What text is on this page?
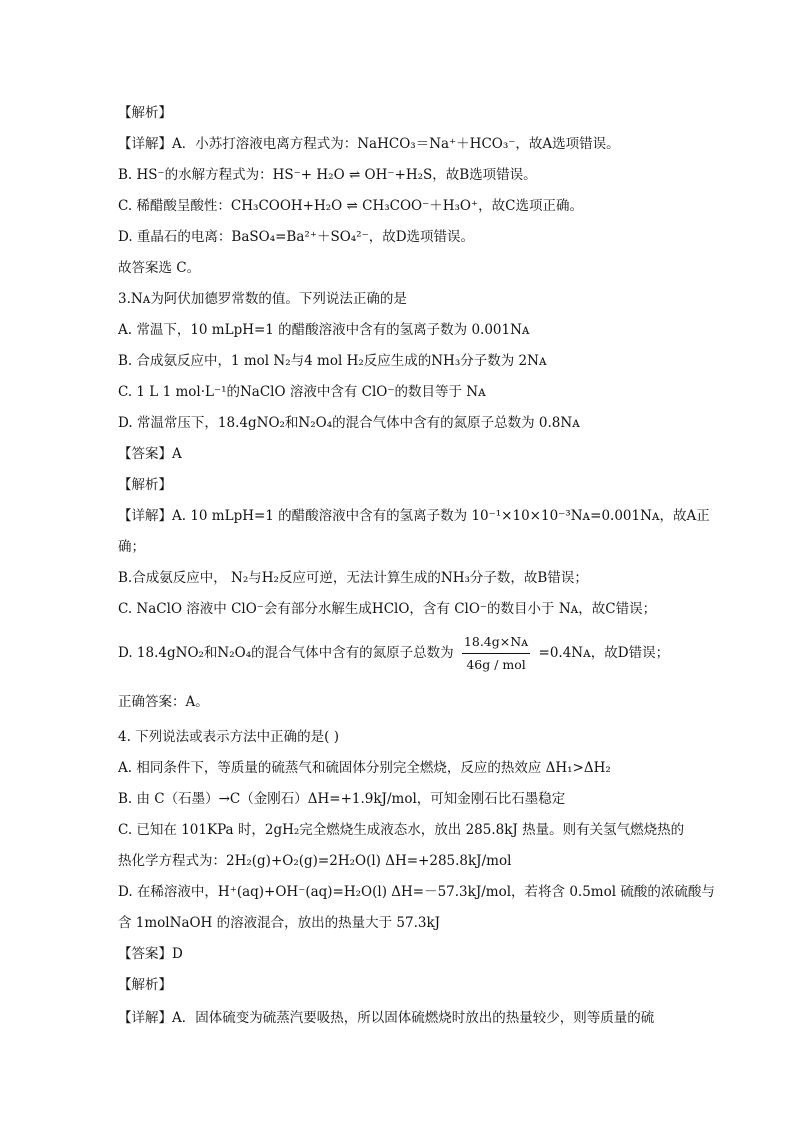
【解析】
【详解】A．小苏打溶液电离方程式为：NaHCO₃＝Na⁺＋HCO₃⁻，故A选项错误。
B. HS⁻的水解方程式为：HS⁻+ H₂O ⇌ OH⁻+H₂S，故B选项错误。
C. 稀醋酸呈酸性：CH₃COOH+H₂O ⇌ CH₃COO⁻＋H₃O⁺，故C选项正确。
D. 重晶石的电离：BaSO₄=Ba²⁺＋SO₄²⁻，故D选项错误。
故答案选 C。
3.Nᴀ为阿伏加德罗常数的值。下列说法正确的是
A. 常温下，10 mLpH=1 的醋酸溶液中含有的氢离子数为 0.001Nᴀ
B. 合成氨反应中，1 mol N₂与4 mol H₂反应生成的NH₃分子数为 2Nᴀ
C. 1 L 1 mol·L⁻¹的NaClO 溶液中含有 ClO⁻的数目等于 Nᴀ
D. 常温常压下，18.4gNO₂和N₂O₄的混合气体中含有的氮原子总数为 0.8Nᴀ
【答案】A
【解析】
【详解】A. 10 mLpH=1 的醋酸溶液中含有的氢离子数为 10⁻¹×10×10⁻³Nᴀ=0.001Nᴀ，故A正
确；
B.合成氨反应中， N₂与H₂反应可逆，无法计算生成的NH₃分子数，故B错误；
C. NaClO 溶液中 ClO⁻会有部分水解生成HClO，含有 ClO⁻的数目小于 Nᴀ，故C错误；
D. 18.4gNO₂和N₂O₄的混合气体中含有的氮原子总数为 $\frac{\text{18.4g×Nᴀ}}{\text{46g / mol}}$ =0.4Nᴀ，故D错误；
正确答案：A。
4. 下列说法或表示方法中正确的是( )
A. 相同条件下，等质量的硫蒸气和硫固体分别完全燃烧，反应的热效应 ΔH₁>ΔH₂
B. 由 C（石墨）→C（金刚石）ΔH=+1.9kJ/mol，可知金刚石比石墨稳定
C. 已知在 101KPa 时，2gH₂完全燃烧生成液态水，放出 285.8kJ 热量。则有关氢气燃烧热的
热化学方程式为：2H₂(g)+O₂(g)=2H₂O(l) ΔH=+285.8kJ/mol
D. 在稀溶液中，H⁺(aq)+OH⁻(aq)=H₂O(l) ΔH=－57.3kJ/mol，若将含 0.5mol 硫酸的浓硫酸与
含 1molNaOH 的溶液混合，放出的热量大于 57.3kJ
【答案】D
【解析】
【详解】A．固体硫变为硫蒸汽要吸热，所以固体硫燃烧时放出的热量较少，则等质量的硫
